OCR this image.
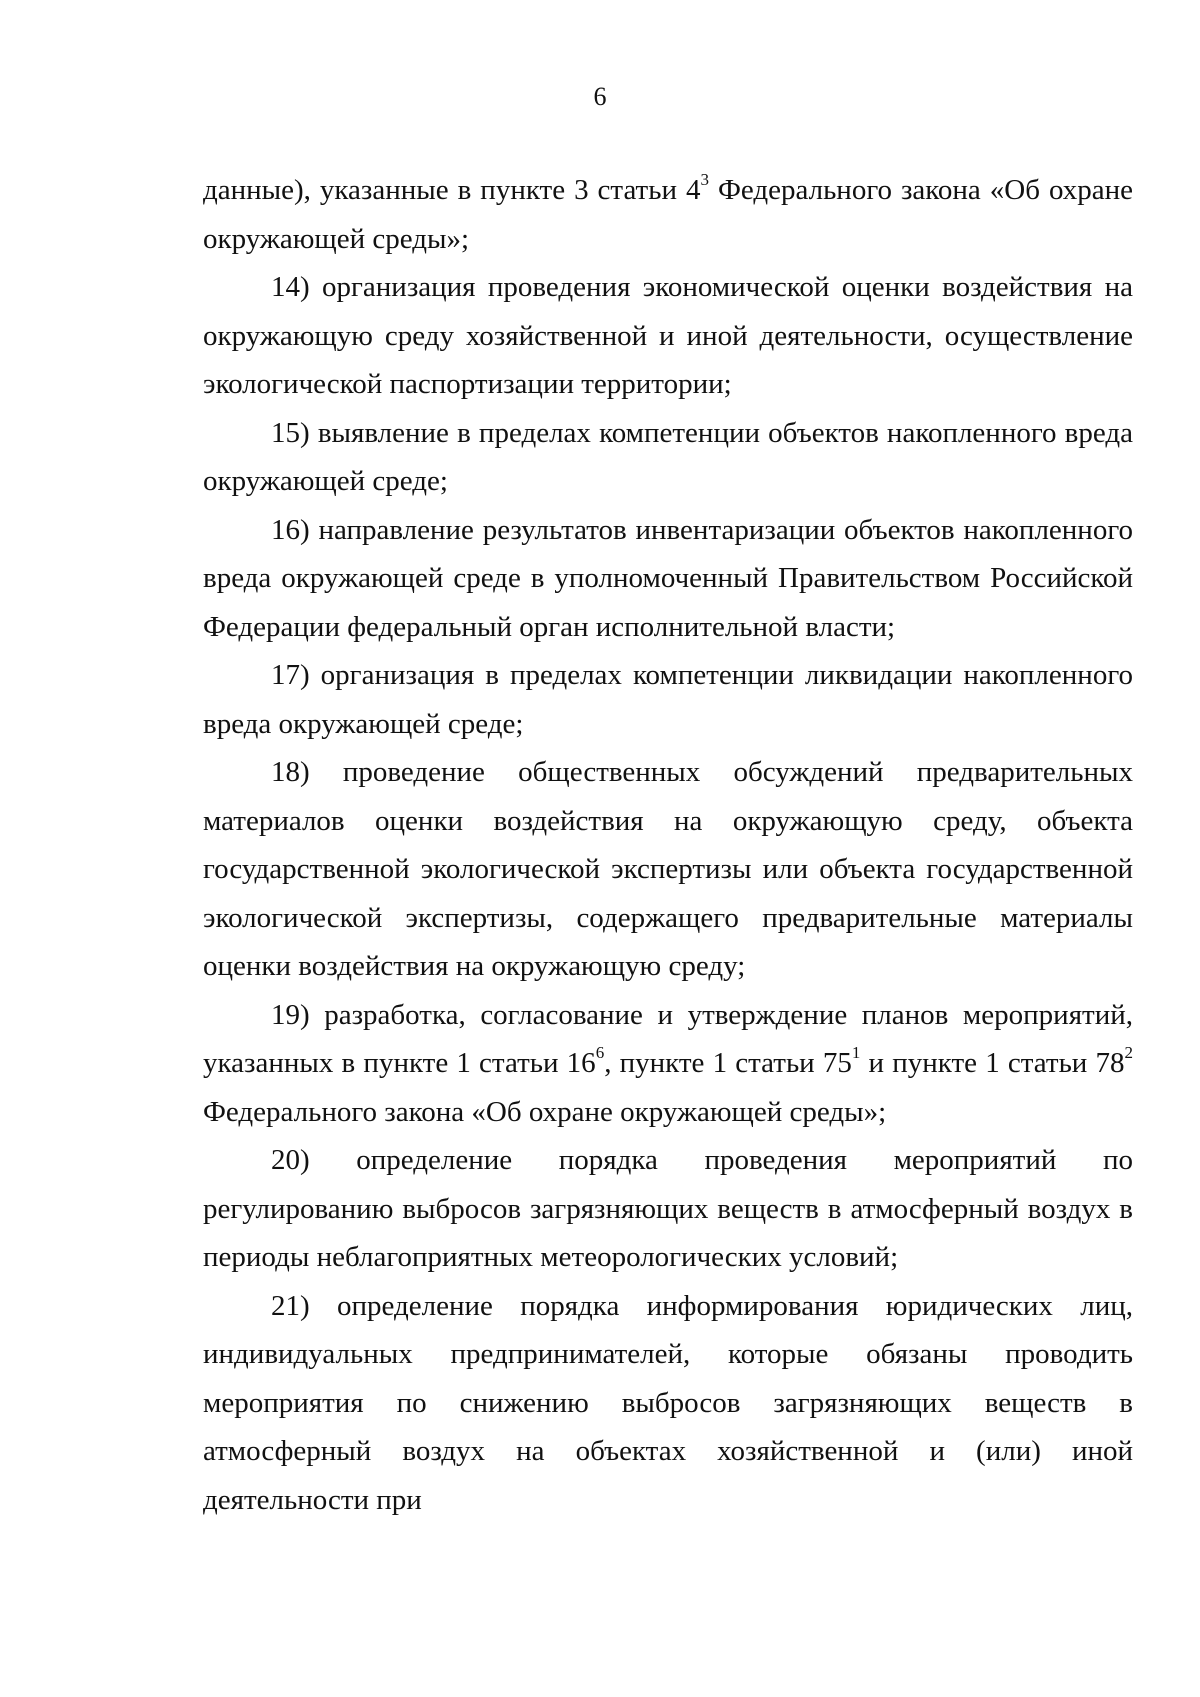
6

данные), указанные в пункте 3 статьи $4^3$ Федерального закона «Об охране окружающей среды»;

14) организация проведения экономической оценки воздействия на окружающую среду хозяйственной и иной деятельности, осуществление экологической паспортизации территории;

15) выявление в пределах компетенции объектов накопленного вреда окружающей среде;

16) направление результатов инвентаризации объектов накопленного вреда окружающей среде в уполномоченный Правительством Российской Федерации федеральный орган исполнительной власти;

17) организация в пределах компетенции ликвидации накопленного вреда окружающей среде;

18) проведение общественных обсуждений предварительных материалов оценки воздействия на окружающую среду, объекта государственной экологической экспертизы или объекта государственной экологической экспертизы, содержащего предварительные материалы оценки воздействия на окружающую среду;

19) разработка, согласование и утверждение планов мероприятий, указанных в пункте 1 статьи $16^6$, пункте 1 статьи $75^1$ и пункте 1 статьи $78^2$ Федерального закона «Об охране окружающей среды»;

20) определение порядка проведения мероприятий по регулированию выбросов загрязняющих веществ в атмосферный воздух в периоды неблагоприятных метеорологических условий;

21) определение порядка информирования юридических лиц, индивидуальных предпринимателей, которые обязаны проводить мероприятия по снижению выбросов загрязняющих веществ в атмосферный воздух на объектах хозяйственной и (или) иной деятельности при
